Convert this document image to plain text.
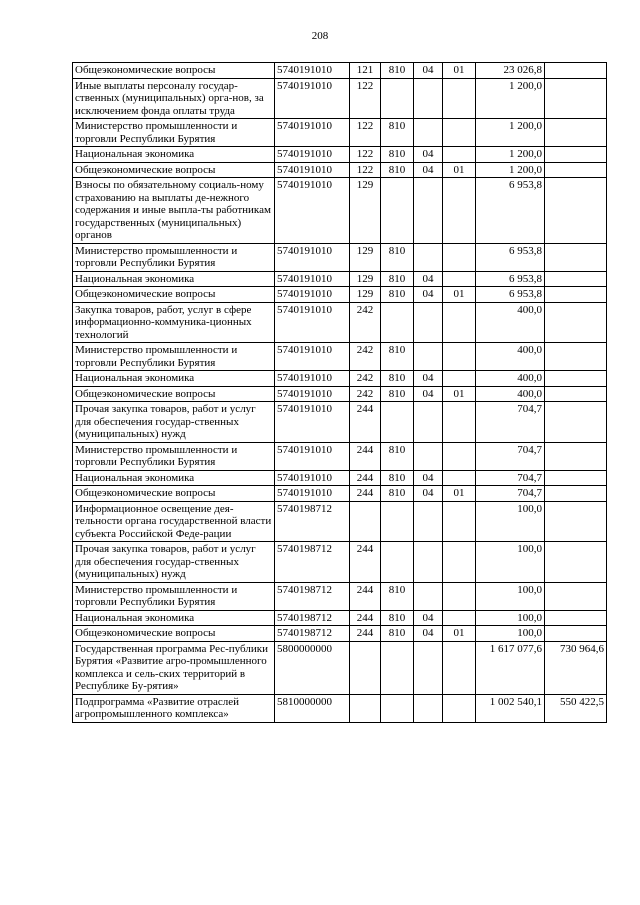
208
Общеэкономические вопросы	5740191010	121	810	04	01	23 026,8	
Иные выплаты персоналу государ-ственных (муниципальных) орга-нов, за исключением фонда оплаты труда	5740191010	122				1 200,0	
Министерство промышленности и торговли Республики Бурятия	5740191010	122	810			1 200,0	
Национальная экономика	5740191010	122	810	04		1 200,0	
Общеэкономические вопросы	5740191010	122	810	04	01	1 200,0	
Взносы по обязательному социаль-ному страхованию на выплаты де-нежного содержания и иные выпла-ты работникам государственных (муниципальных) органов	5740191010	129				6 953,8	
Министерство промышленности и торговли Республики Бурятия	5740191010	129	810			6 953,8	
Национальная экономика	5740191010	129	810	04		6 953,8	
Общеэкономические вопросы	5740191010	129	810	04	01	6 953,8	
Закупка товаров, работ, услуг в сфере информационно-коммуника-ционных технологий	5740191010	242				400,0	
Министерство промышленности и торговли Республики Бурятия	5740191010	242	810			400,0	
Национальная экономика	5740191010	242	810	04		400,0	
Общеэкономические вопросы	5740191010	242	810	04	01	400,0	
Прочая закупка товаров, работ и услуг для обеспечения государ-ственных (муниципальных) нужд	5740191010	244				704,7	
Министерство промышленности и торговли Республики Бурятия	5740191010	244	810			704,7	
Национальная экономика	5740191010	244	810	04		704,7	
Общеэкономические вопросы	5740191010	244	810	04	01	704,7	
Информационное освещение дея-тельности органа государственной власти субъекта Российской Феде-рации	5740198712					100,0	
Прочая закупка товаров, работ и услуг для обеспечения государ-ственных (муниципальных) нужд	5740198712	244				100,0	
Министерство промышленности и торговли Республики Бурятия	5740198712	244	810			100,0	
Национальная экономика	5740198712	244	810	04		100,0	
Общеэкономические вопросы	5740198712	244	810	04	01	100,0	
Государственная программа Рес-публики Бурятия «Развитие агро-промышленного комплекса и сель-ских территорий в Республике Бу-рятия»	5800000000					1 617 077,6	730 964,6
Подпрограмма «Развитие отраслей агропромышленного комплекса»	5810000000					1 002 540,1	550 422,5
